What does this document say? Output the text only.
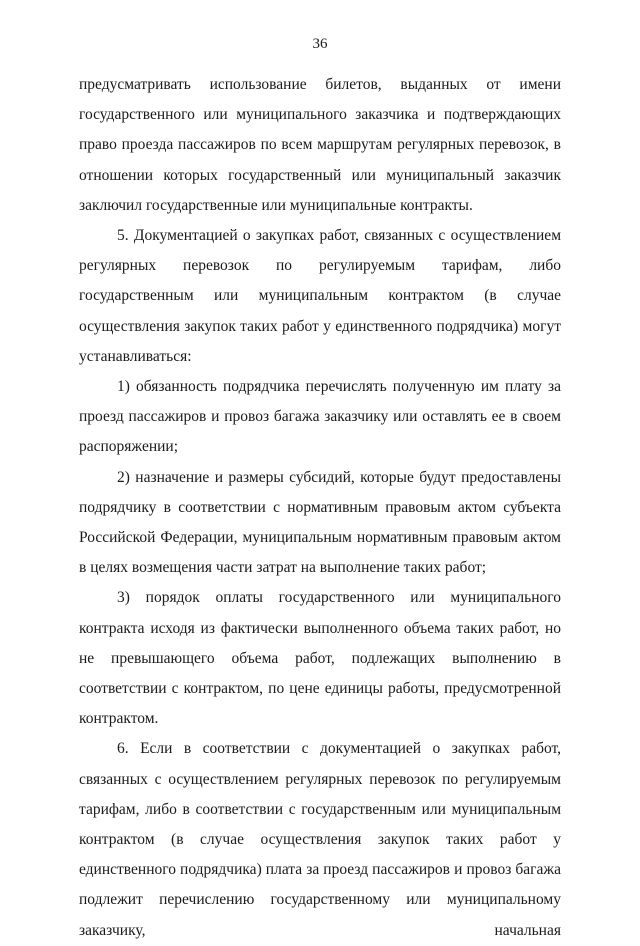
36

предусматривать использование билетов, выданных от имени государственного или муниципального заказчика и подтверждающих право проезда пассажиров по всем маршрутам регулярных перевозок, в отношении которых государственный или муниципальный заказчик заключил государственные или муниципальные контракты.

5. Документацией о закупках работ, связанных с осуществлением регулярных перевозок по регулируемым тарифам, либо государственным или муниципальным контрактом (в случае осуществления закупок таких работ у единственного подрядчика) могут устанавливаться:

1) обязанность подрядчика перечислять полученную им плату за проезд пассажиров и провоз багажа заказчику или оставлять ее в своем распоряжении;

2) назначение и размеры субсидий, которые будут предоставлены подрядчику в соответствии с нормативным правовым актом субъекта Российской Федерации, муниципальным нормативным правовым актом в целях возмещения части затрат на выполнение таких работ;

3) порядок оплаты государственного или муниципального контракта исходя из фактически выполненного объема таких работ, но не превышающего объема работ, подлежащих выполнению в соответствии с контрактом, по цене единицы работы, предусмотренной контрактом.

6. Если в соответствии с документацией о закупках работ, связанных с осуществлением регулярных перевозок по регулируемым тарифам, либо в соответствии с государственным или муниципальным контрактом (в случае осуществления закупок таких работ у единственного подрядчика) плата за проезд пассажиров и провоз багажа подлежит перечислению государственному или муниципальному заказчику, начальная
